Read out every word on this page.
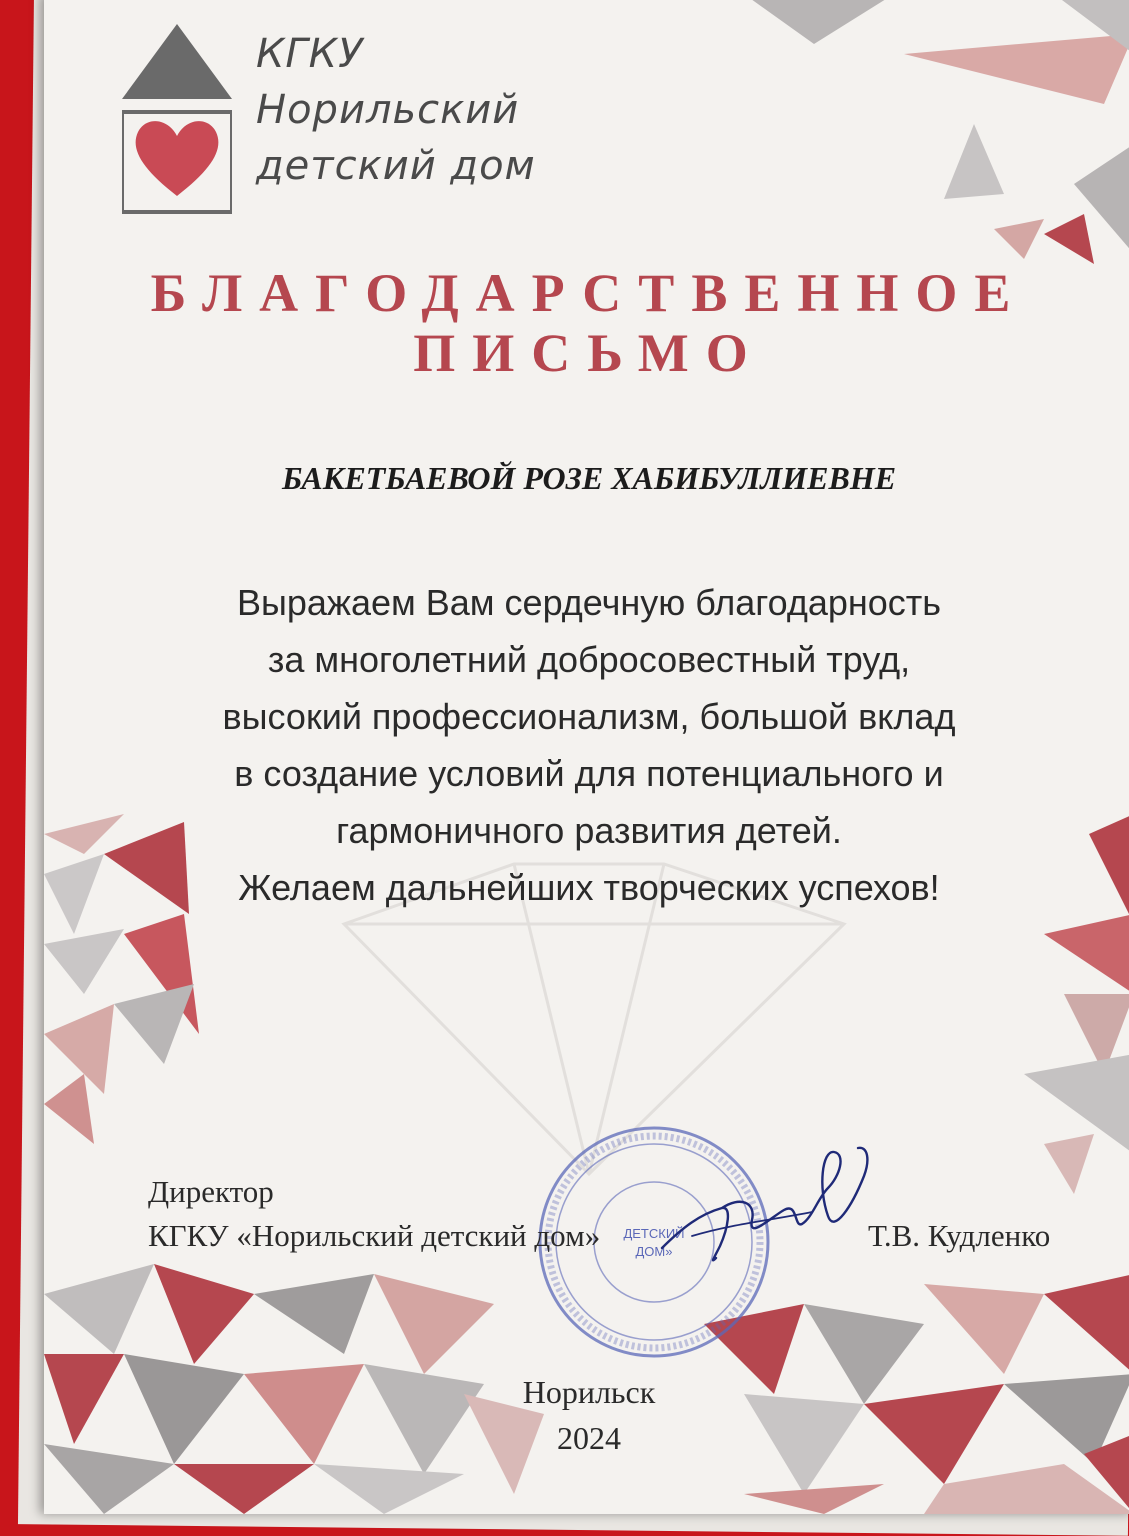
КГКУ
Норильский
детский дом
БЛАГОДАРСТВЕННОЕ
ПИСЬМО
БАКЕТБАЕВОЙ РОЗЕ ХАБИБУЛЛИЕВНЕ
Выражаем Вам сердечную благодарность
за многолетний добросовестный труд,
высокий профессионализм, большой вклад
в создание условий для потенциального и
гармоничного развития детей.
Желаем дальнейших творческих успехов!
ДЕТСКИЙ
ДОМ»
Директор
КГКУ «Норильский детский дом»	Т.В. Кудленко
Норильск
2024
